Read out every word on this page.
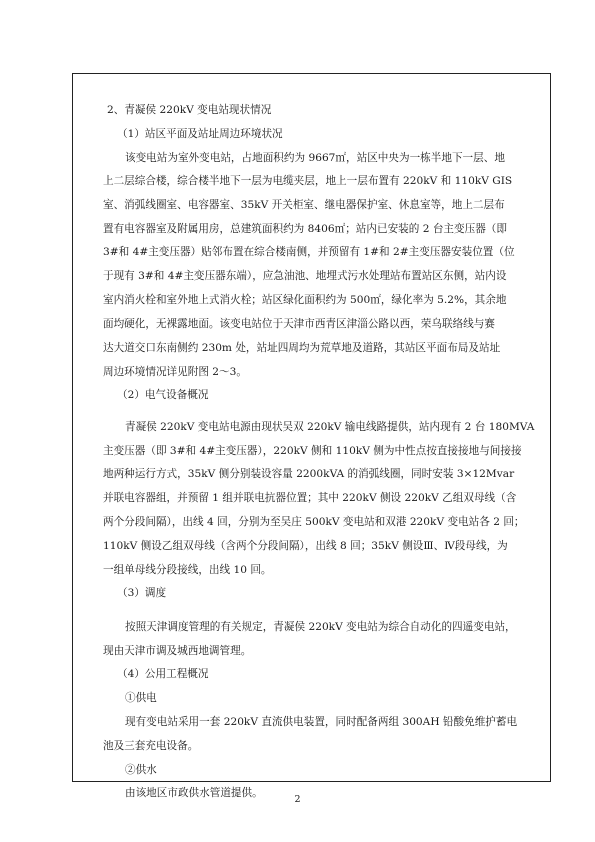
2、青凝侯 220kV 变电站现状情况
（1）站区平面及站址周边环境状况
该变电站为室外变电站，占地面积约为 9667㎡，站区中央为一栋半地下一层、地
上二层综合楼，综合楼半地下一层为电缆夹层，地上一层布置有 220kV 和 110kV GIS
室、消弧线圈室、电容器室、35kV 开关柜室、继电器保护室、休息室等，地上二层布
置有电容器室及附属用房，总建筑面积约为 8406㎡；站内已安装的 2 台主变压器（即
3#和 4#主变压器）贴邻布置在综合楼南侧，并预留有 1#和 2#主变压器安装位置（位
于现有 3#和 4#主变压器东端），应急油池、地埋式污水处理站布置站区东侧，站内设
室内消火栓和室外地上式消火栓；站区绿化面积约为 500㎡，绿化率为 5.2%，其余地
面均硬化，无裸露地面。该变电站位于天津市西青区津淄公路以西，荣乌联络线与赛
达大道交口东南侧约 230m 处，站址四周均为荒草地及道路，其站区平面布局及站址
周边环境情况详见附图 2～3。
（2）电气设备概况
青凝侯 220kV 变电站电源由现状吴双 220kV 输电线路提供，站内现有 2 台 180MVA
主变压器（即 3#和 4#主变压器），220kV 侧和 110kV 侧为中性点按直接接地与间接接
地两种运行方式，35kV 侧分别装设容量 2200kVA 的消弧线圈，同时安装 3×12Mvar
并联电容器组，并预留 1 组并联电抗器位置；其中 220kV 侧设 220kV 乙组双母线（含
两个分段间隔），出线 4 回，分别为至吴庄 500kV 变电站和双港 220kV 变电站各 2 回；
110kV 侧设乙组双母线（含两个分段间隔），出线 8 回；35kV 侧设Ⅲ、Ⅳ段母线，为
一组单母线分段接线，出线 10 回。
（3）调度
按照天津调度管理的有关规定，青凝侯 220kV 变电站为综合自动化的四遥变电站，
现由天津市调及城西地调管理。
（4）公用工程概况
①供电
现有变电站采用一套 220kV 直流供电装置，同时配备两组 300AH 铅酸免维护蓄电
池及三套充电设备。
②供水
由该地区市政供水管道提供。
2
